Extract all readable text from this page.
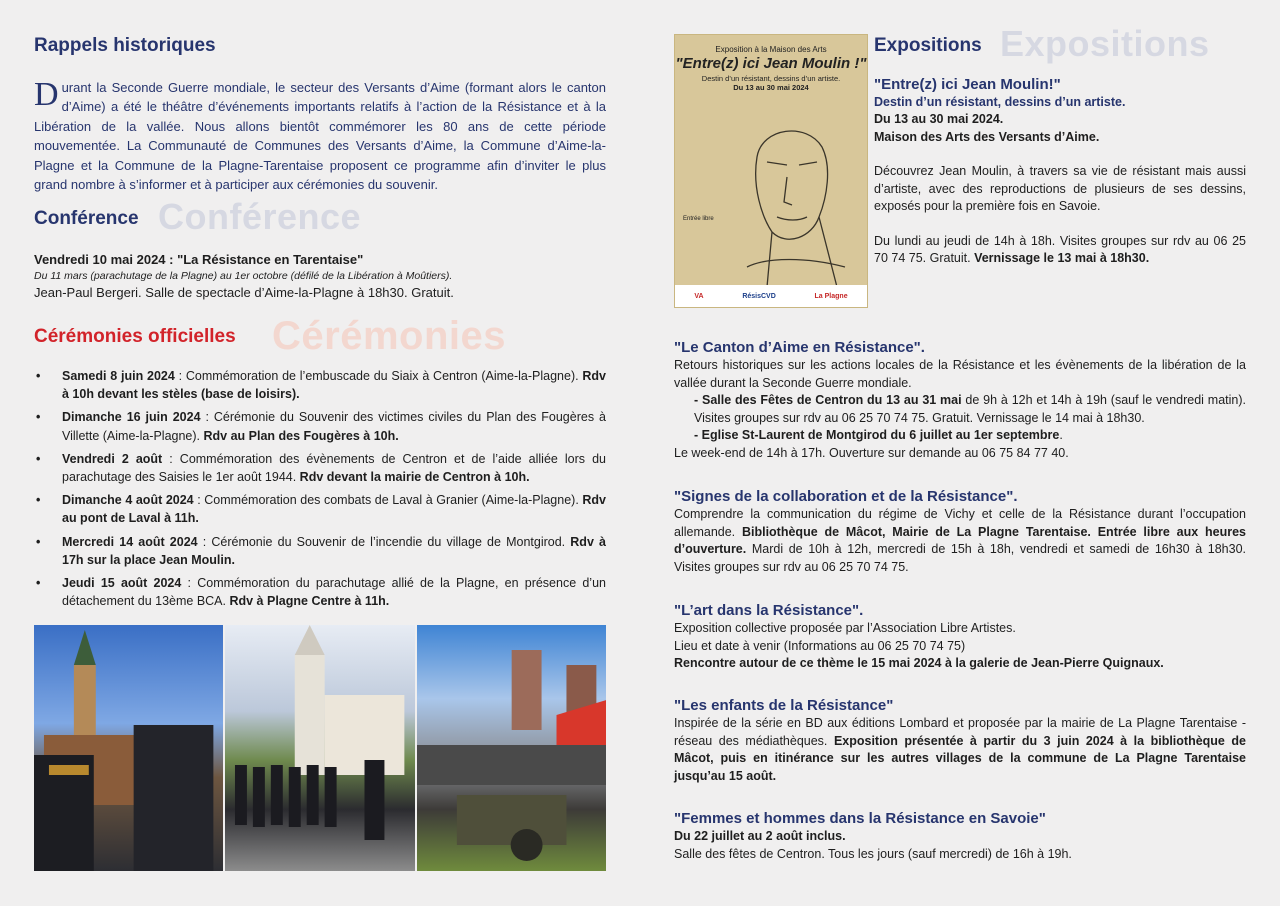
Rappels historiques
Durant la Seconde Guerre mondiale, le secteur des Versants d’Aime (formant alors le canton d’Aime) a été le théâtre d’événements importants relatifs à l’action de la Résistance et à la Libération de la vallée. Nous allons bientôt commémorer les 80 ans de cette période mouvementée. La Communauté de Communes des Versants d’Aime, la Commune d’Aime-la-Plagne et la Commune de la Plagne-Tarentaise proposent ce programme afin d’inviter le plus grand nombre à s’informer et à participer aux cérémonies du souvenir.
Conférence
Conférence

Vendredi 10 mai 2024 : "La Résistance en Tarentaise"

Du 11 mars (parachutage de la Plagne) au 1er octobre (défilé de la Libération à Moûtiers).

Jean-Paul Bergeri. Salle de spectacle d’Aime-la-Plagne à 18h30. Gratuit.

Cérémonies
Cérémonies officielles
• Samedi 8 juin 2024 : Commémoration de l’embuscade du Siaix à Centron (Aime-la-Plagne). Rdv à 10h devant les stèles (base de loisirs).
• Dimanche 16 juin 2024 : Cérémonie du Souvenir des victimes civiles du Plan des Fougères à Villette (Aime-la-Plagne). Rdv au Plan des Fougères à 10h.
• Vendredi 2 août : Commémoration des évènements de Centron et de l’aide alliée lors du parachutage des Saisies le 1er août 1944. Rdv devant la mairie de Centron à 10h.
• Dimanche 4 août 2024 : Commémoration des combats de Laval à Granier (Aime-la-Plagne). Rdv au pont de Laval à 11h.
• Mercredi 14 août 2024 : Cérémonie du Souvenir de l’incendie du village de Montgirod. Rdv à 17h sur la place Jean Moulin.
• Jeudi 15 août 2024 : Commémoration du parachutage allié de la Plagne, en présence d’un détachement du 13ème BCA. Rdv à Plagne Centre à 11h.
Exposition à la Maison des Arts
"Entre(z) ici Jean Moulin !"
Destin d’un résistant, dessins d’un artiste.
Du 13 au 30 mai 2024
Entrée libre
VA	RésisCVD	La Plagne
Expositions
Expositions

"Entre(z) ici Jean Moulin!"

Destin d’un résistant, dessins d’un artiste.

Du 13 au 30 mai 2024.

Maison des Arts des Versants d’Aime.

Découvrez Jean Moulin, à travers sa vie de résistant mais aussi d’artiste, avec des reproductions de plusieurs de ses dessins, exposés pour la première fois en Savoie.

Du lundi au jeudi de 14h à 18h. Visites groupes sur rdv au 06 25 70 74 75. Gratuit. Vernissage le 13 mai à 18h30.

"Le Canton d’Aime en Résistance".

Retours historiques sur les actions locales de la Résistance et les évènements de la libération de la vallée durant la Seconde Guerre mondiale.

- Salle des Fêtes de Centron du 13 au 31 mai de 9h à 12h et 14h à 19h (sauf le vendredi matin). Visites groupes sur rdv au 06 25 70 74 75. Gratuit. Vernissage le 14 mai à 18h30.

- Eglise St-Laurent de Montgirod du 6 juillet au 1er septembre.

Le week-end de 14h à 17h. Ouverture sur demande au 06 75 84 77 40.

"Signes de la collaboration et de la Résistance".

Comprendre la communication du régime de Vichy et celle de la Résistance durant l’occupation allemande. Bibliothèque de Mâcot, Mairie de La Plagne Tarentaise. Entrée libre aux heures d’ouverture. Mardi de 10h à 12h, mercredi de 15h à 18h, vendredi et samedi de 16h30 à 18h30. Visites groupes sur rdv au 06 25 70 74 75.

"L’art dans la Résistance".

Exposition collective proposée par l’Association Libre Artistes.

Lieu et date à venir (Informations au 06 25 70 74 75)

Rencontre autour de ce thème le 15 mai 2024 à la galerie de Jean-Pierre Quignaux.

"Les enfants de la Résistance"

Inspirée de la série en BD aux éditions Lombard et proposée par la mairie de La Plagne Tarentaise - réseau des médiathèques. Exposition présentée à partir du 3 juin 2024 à la bibliothèque de Mâcot, puis en itinérance sur les autres villages de la commune de La Plagne Tarentaise jusqu’au 15 août.

"Femmes et hommes dans la Résistance en Savoie"

Du 22 juillet au 2 août inclus.

Salle des fêtes de Centron. Tous les jours (sauf mercredi) de 16h à 19h.
